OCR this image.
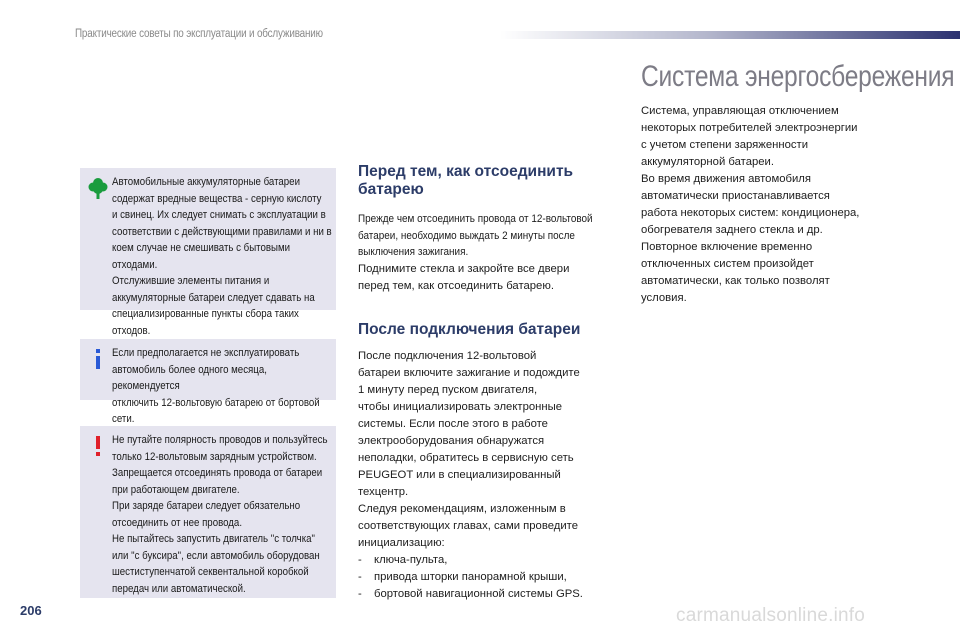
Практические советы по эксплуатации и обслуживанию
Автомобильные аккумуляторные батареи
содержат вредные вещества - серную кислоту
и свинец. Их следует снимать с эксплуатации в
соответствии с действующими правилами и ни в
коем случае не смешивать с бытовыми отходами.
Отслужившие элементы питания и
аккумуляторные батареи следует сдавать на
специализированные пункты сбора таких отходов.
Если предполагается не эксплуатировать
автомобиль более одного месяца, рекомендуется
отключить 12-вольтовую батарею от бортовой сети.
Не путайте полярность проводов и пользуйтесь
только 12-вольтовым зарядным устройством.
Запрещается отсоединять провода от батареи
при работающем двигателе.
При заряде батареи следует обязательно
отсоединить от нее провода.
Не пытайтесь запустить двигатель "с толчка"
или "с буксира", если автомобиль оборудован
шестиступенчатой секвентальной коробкой
передач или автоматической.
Перед тем, как отсоединить
батарею

Прежде чем отсоединить провода от 12-вольтовой
батареи, необходимо выждать 2 минуты после
выключения зажигания.

Поднимите стекла и закройте все двери
перед тем, как отсоединить батарею.

После подключения батареи

После подключения 12-вольтовой
батареи включите зажигание и подождите
1 минуту перед пуском двигателя,
чтобы инициализировать электронные
системы. Если после этого в работе
электрооборудования обнаружатся
неполадки, обратитесь в сервисную сеть
PEUGEOT или в специализированный
техцентр.
Следуя рекомендациям, изложенным в
соответствующих главах, сами проведите
инициализацию:

-	ключа-пульта,
-	привода шторки панорамной крыши,
-	бортовой навигационной системы GPS.
Система энергосбережения
Система, управляющая отключением
некоторых потребителей электроэнергии
с учетом степени заряженности
аккумуляторной батареи.
Во время движения автомобиля
автоматически приостанавливается
работа некоторых систем: кондиционера,
обогревателя заднего стекла и др.
Повторное включение временно
отключенных систем произойдет
автоматически, как только позволят
условия.
206	carmanualsonline.info
